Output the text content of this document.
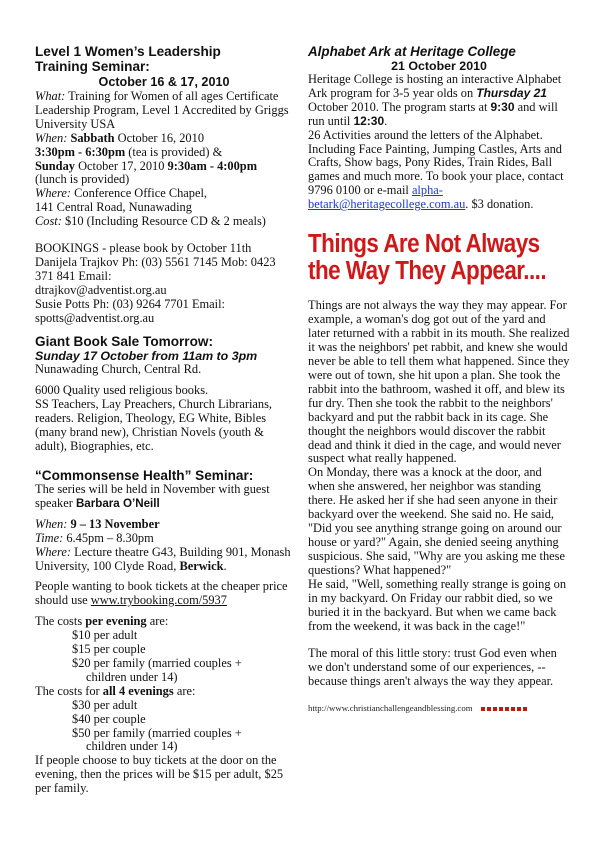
Level 1 Women’s Leadership
Training Seminar:
October 16 & 17, 2010

What: Training for Women of all ages Certificate Leadership Program, Level 1 Accredited by Griggs University USA

When: Sabbath October 16, 2010

3:30pm - 6:30pm (tea is provided) &

Sunday October 17, 2010 9:30am - 4:00pm

(lunch is provided)

Where: Conference Office Chapel,

141 Central Road, Nunawading

Cost: $10 (Including Resource CD & 2 meals)

BOOKINGS - please book by October 11th

Danijela Trajkov Ph: (03) 5561 7145 Mob: 0423 371 841 Email:

dtrajkov@adventist.org.au

Susie Potts Ph: (03) 9264 7701 Email:

spotts@adventist.org.au

Giant Book Sale Tomorrow:
Sunday 17 October from 11am to 3pm

Nunawading Church, Central Rd.

6000 Quality used religious books.

SS Teachers, Lay Preachers, Church Librarians, readers. Religion, Theology, EG White, Bibles (many brand new), Christian Novels (youth & adult), Biographies, etc.

“Commonsense Health” Seminar:

The series will be held in November with guest speaker Barbara O’Neill

When: 9 – 13 November

Time: 6.45pm – 8.30pm

Where: Lecture theatre G43, Building 901, Monash University, 100 Clyde Road, Berwick.

People wanting to book tickets at the cheaper price should use www.trybooking.com/5937

The costs per evening are:

$10 per adult

$15 per couple

$20 per family (married couples +

children under 14)

The costs for all 4 evenings are:

$30 per adult

$40 per couple

$50 per family (married couples +

children under 14)

If people choose to buy tickets at the door on the evening, then the prices will be $15 per adult, $25 per family.

Alphabet Ark at Heritage College
21 October 2010

Heritage College is hosting an interactive Alphabet Ark program for 3-5 year olds on Thursday 21 October 2010. The program starts at 9:30 and will run until 12:30.

26 Activities around the letters of the Alphabet. Including Face Painting, Jumping Castles, Arts and Crafts, Show bags, Pony Rides, Train Rides, Ball games and much more. To book your place, contact 9796 0100 or e-mail alpha-betark@heritagecollege.com.au. $3 donation.

Things Are Not Always
the Way They Appear....

Things are not always the way they may appear. For example, a woman's dog got out of the yard and later returned with a rabbit in its mouth. She realized it was the neighbors' pet rabbit, and knew she would never be able to tell them what happened. Since they were out of town, she hit upon a plan. She took the rabbit into the bathroom, washed it off, and blew its fur dry. Then she took the rabbit to the neighbors' backyard and put the rabbit back in its cage. She thought the neighbors would discover the rabbit dead and think it died in the cage, and would never suspect what really happened.

On Monday, there was a knock at the door, and when she answered, her neighbor was standing there. He asked her if she had seen anyone in their backyard over the weekend. She said no. He said, "Did you see anything strange going on around our house or yard?" Again, she denied seeing anything suspicious. She said, "Why are you asking me these questions? What happened?"

He said, "Well, something really strange is going on in my backyard. On Friday our rabbit died, so we buried it in the backyard. But when we came back from the weekend, it was back in the cage!"

The moral of this little story: trust God even when we don't understand some of our experiences, -- because things aren't always the way they appear.

http://www.christianchallengeandblessing.com
